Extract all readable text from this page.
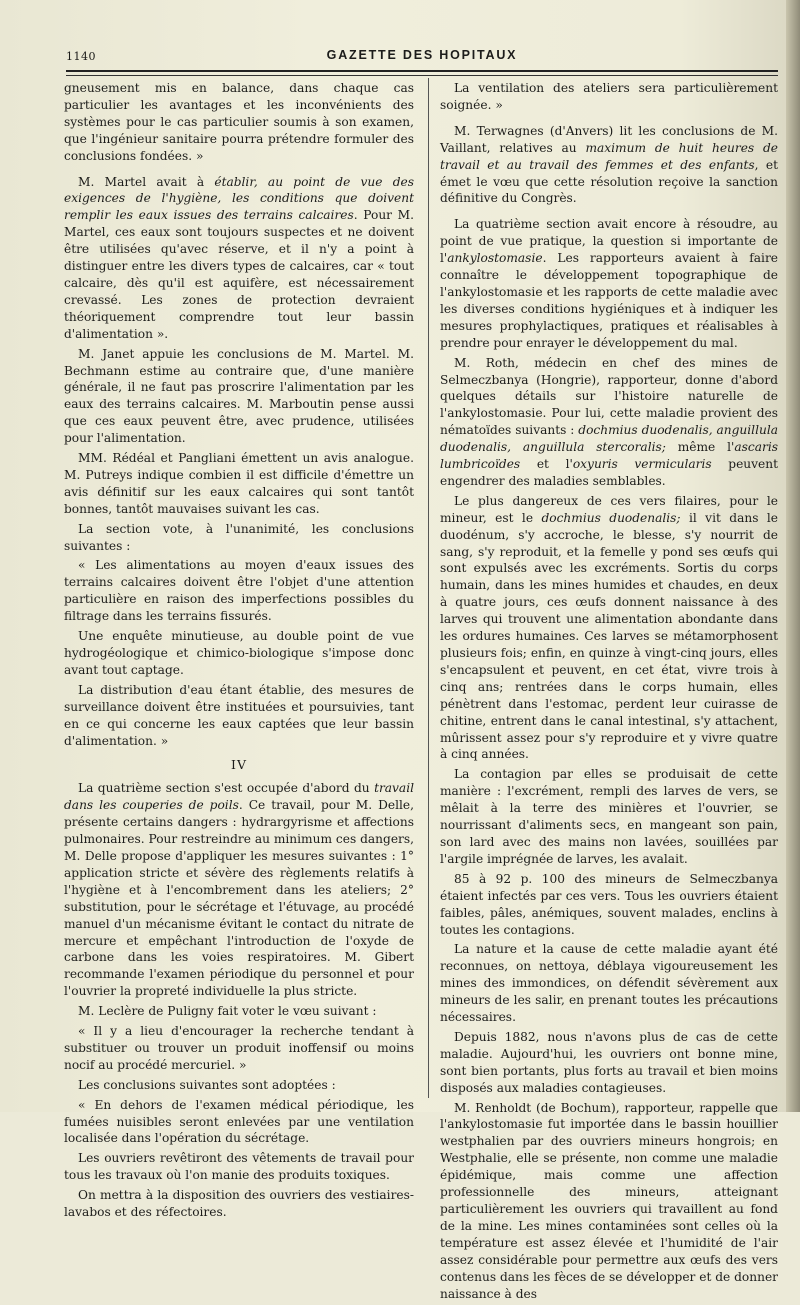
1140	GAZETTE DES HOPITAUX

gneusement mis en balance, dans chaque cas particulier les avantages et les inconvénients des systèmes pour le cas particulier soumis à son examen, que l'ingénieur sanitaire pourra prétendre formuler des conclusions fondées. »

M. Martel avait à établir, au point de vue des exigences de l'hygiène, les conditions que doivent remplir les eaux issues des terrains calcaires. Pour M. Martel, ces eaux sont toujours suspectes et ne doivent être utilisées qu'avec réserve, et il n'y a point à distinguer entre les divers types de calcaires, car « tout calcaire, dès qu'il est aquifère, est nécessairement crevassé. Les zones de protection devraient théoriquement comprendre tout leur bassin d'alimentation ».

M. Janet appuie les conclusions de M. Martel. M. Bechmann estime au contraire que, d'une manière générale, il ne faut pas proscrire l'alimentation par les eaux des terrains calcaires. M. Marboutin pense aussi que ces eaux peuvent être, avec prudence, utilisées pour l'alimentation.

MM. Rédéal et Pangliani émettent un avis analogue. M. Putreys indique combien il est difficile d'émettre un avis définitif sur les eaux calcaires qui sont tantôt bonnes, tantôt mauvaises suivant les cas.

La section vote, à l'unanimité, les conclusions suivantes :

« Les alimentations au moyen d'eaux issues des terrains calcaires doivent être l'objet d'une attention particulière en raison des imperfections possibles du filtrage dans les terrains fissurés.

Une enquête minutieuse, au double point de vue hydrogéologique et chimico-biologique s'impose donc avant tout captage.

La distribution d'eau étant établie, des mesures de surveillance doivent être instituées et poursuivies, tant en ce qui concerne les eaux captées que leur bassin d'alimentation. »

IV

La quatrième section s'est occupée d'abord du travail dans les couperies de poils. Ce travail, pour M. Delle, présente certains dangers : hydrargyrisme et affections pulmonaires. Pour restreindre au minimum ces dangers, M. Delle propose d'appliquer les mesures suivantes : 1° application stricte et sévère des règlements relatifs à l'hygiène et à l'encombrement dans les ateliers; 2° substitution, pour le sécrétage et l'étuvage, au procédé manuel d'un mécanisme évitant le contact du nitrate de mercure et empêchant l'introduction de l'oxyde de carbone dans les voies respiratoires. M. Gibert recommande l'examen périodique du personnel et pour l'ouvrier la propreté individuelle la plus stricte.

M. Leclère de Puligny fait voter le vœu suivant :

« Il y a lieu d'encourager la recherche tendant à substituer ou trouver un produit inoffensif ou moins nocif au procédé mercuriel. »

Les conclusions suivantes sont adoptées :

« En dehors de l'examen médical périodique, les fumées nuisibles seront enlevées par une ventilation localisée dans l'opération du sécrétage.

Les ouvriers revêtiront des vêtements de travail pour tous les travaux où l'on manie des produits toxiques.

On mettra à la disposition des ouvriers des vestiaires-lavabos et des réfectoires.

La ventilation des ateliers sera particulièrement soignée. »

M. Terwagnes (d'Anvers) lit les conclusions de M. Vaillant, relatives au maximum de huit heures de travail et au travail des femmes et des enfants, et émet le vœu que cette résolution reçoive la sanction définitive du Congrès.

La quatrième section avait encore à résoudre, au point de vue pratique, la question si importante de l'ankylostomasie. Les rapporteurs avaient à faire connaître le développement topographique de l'ankylostomasie et les rapports de cette maladie avec les diverses conditions hygiéniques et à indiquer les mesures prophylactiques, pratiques et réalisables à prendre pour enrayer le développement du mal.

M. Roth, médecin en chef des mines de Selmeczbanya (Hongrie), rapporteur, donne d'abord quelques détails sur l'histoire naturelle de l'ankylostomasie. Pour lui, cette maladie provient des nématoïdes suivants : dochmius duodenalis, anguillula duodenalis, anguillula stercoralis; même l'ascaris lumbricoïdes et l'oxyuris vermicularis peuvent engendrer des maladies semblables.

Le plus dangereux de ces vers filaires, pour le mineur, est le dochmius duodenalis; il vit dans le duodénum, s'y accroche, le blesse, s'y nourrit de sang, s'y reproduit, et la femelle y pond ses œufs qui sont expulsés avec les excréments. Sortis du corps humain, dans les mines humides et chaudes, en deux à quatre jours, ces œufs donnent naissance à des larves qui trouvent une alimentation abondante dans les ordures humaines. Ces larves se métamorphosent plusieurs fois; enfin, en quinze à vingt-cinq jours, elles s'encapsulent et peuvent, en cet état, vivre trois à cinq ans; rentrées dans le corps humain, elles pénètrent dans l'estomac, perdent leur cuirasse de chitine, entrent dans le canal intestinal, s'y attachent, mûrissent assez pour s'y reproduire et y vivre quatre à cinq années.

La contagion par elles se produisait de cette manière : l'excrément, rempli des larves de vers, se mêlait à la terre des minières et l'ouvrier, se nourrissant d'aliments secs, en mangeant son pain, son lard avec des mains non lavées, souillées par l'argile imprégnée de larves, les avalait.

85 à 92 p. 100 des mineurs de Selmeczbanya étaient infectés par ces vers. Tous les ouvriers étaient faibles, pâles, anémiques, souvent malades, enclins à toutes les contagions.

La nature et la cause de cette maladie ayant été reconnues, on nettoya, déblaya vigoureusement les mines des immondices, on défendit sévèrement aux mineurs de les salir, en prenant toutes les précautions nécessaires.

Depuis 1882, nous n'avons plus de cas de cette maladie. Aujourd'hui, les ouvriers ont bonne mine, sont bien portants, plus forts au travail et bien moins disposés aux maladies contagieuses.

M. Renholdt (de Bochum), rapporteur, rappelle que l'ankylostomasie fut importée dans le bassin houillier westphalien par des ouvriers mineurs hongrois; en Westphalie, elle se présente, non comme une maladie épidémique, mais comme une affection professionnelle des mineurs, atteignant particulièrement les ouvriers qui travaillent au fond de la mine. Les mines contaminées sont celles où la température est assez élevée et l'humidité de l'air assez considérable pour permettre aux œufs des vers contenus dans les fèces de se développer et de donner naissance à des
